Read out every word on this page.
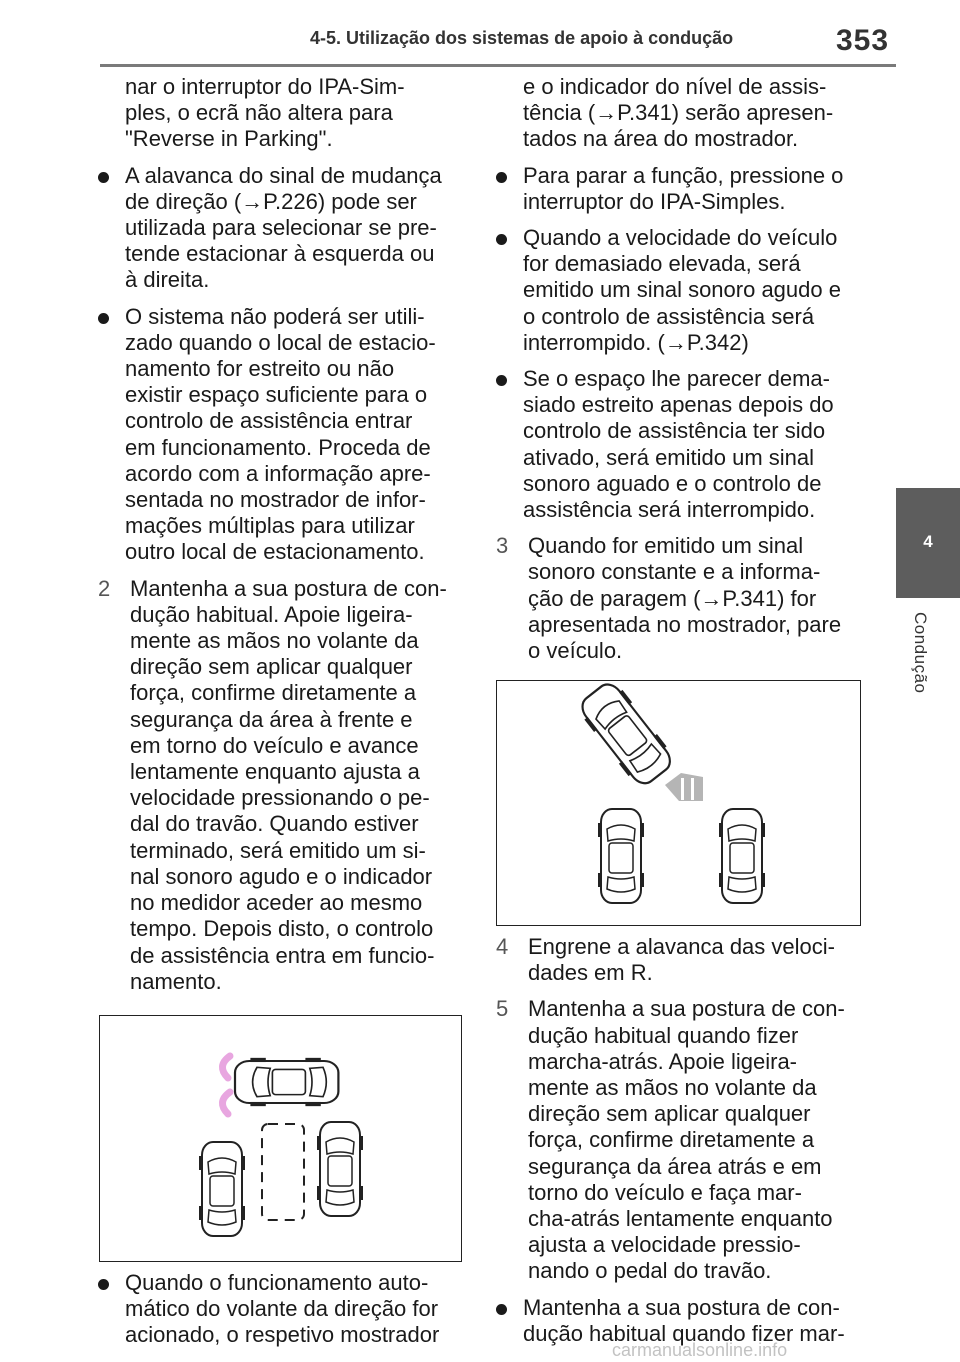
4-5. Utilização dos sistemas de apoio à condução	353
4
Condução
nar o interruptor do IPA-Sim-
ples, o ecrã não altera para
"Reverse in Parking".
A alavanca do sinal de mudança
de direção (→P.226) pode ser
utilizada para selecionar se pre-
tende estacionar à esquerda ou
à direita.
O sistema não poderá ser utili-
zado quando o local de estacio-
namento for estreito ou não
existir espaço suficiente para o
controlo de assistência entrar
em funcionamento. Proceda de
acordo com a informação apre-
sentada no mostrador de infor-
mações múltiplas para utilizar
outro local de estacionamento.
2 Mantenha a sua postura de con-
dução habitual. Apoie ligeira-
mente as mãos no volante da
direção sem aplicar qualquer
força, confirme diretamente a
segurança da área à frente e
em torno do veículo e avance
lentamente enquanto ajusta a
velocidade pressionando o pe-
dal do travão. Quando estiver
terminado, será emitido um si-
nal sonoro agudo e o indicador
no medidor aceder ao mesmo
tempo. Depois disto, o controlo
de assistência entra em funcio-
namento.
Quando o funcionamento auto-
mático do volante da direção for
acionado, o respetivo mostrador
e o indicador do nível de assis-
tência (→P.341) serão apresen-
tados na área do mostrador.
Para parar a função, pressione o
interruptor do IPA-Simples.
Quando a velocidade do veículo
for demasiado elevada, será
emitido um sinal sonoro agudo e
o controlo de assistência será
interrompido. (→P.342)
Se o espaço lhe parecer dema-
siado estreito apenas depois do
controlo de assistência ter sido
ativado, será emitido um sinal
sonoro aguado e o controlo de
assistência será interrompido.
3 Quando for emitido um sinal
sonoro constante e a informa-
ção de paragem (→P.341) for
apresentada no mostrador, pare
o veículo.
4 Engrene a alavanca das veloci-
dades em R.
5 Mantenha a sua postura de con-
dução habitual quando fizer
marcha-atrás. Apoie ligeira-
mente as mãos no volante da
direção sem aplicar qualquer
força, confirme diretamente a
segurança da área atrás e em
torno do veículo e faça mar-
cha-atrás lentamente enquanto
ajusta a velocidade pressio-
nando o pedal do travão.
Mantenha a sua postura de con-
dução habitual quando fizer mar-
carmanualsonline.info
